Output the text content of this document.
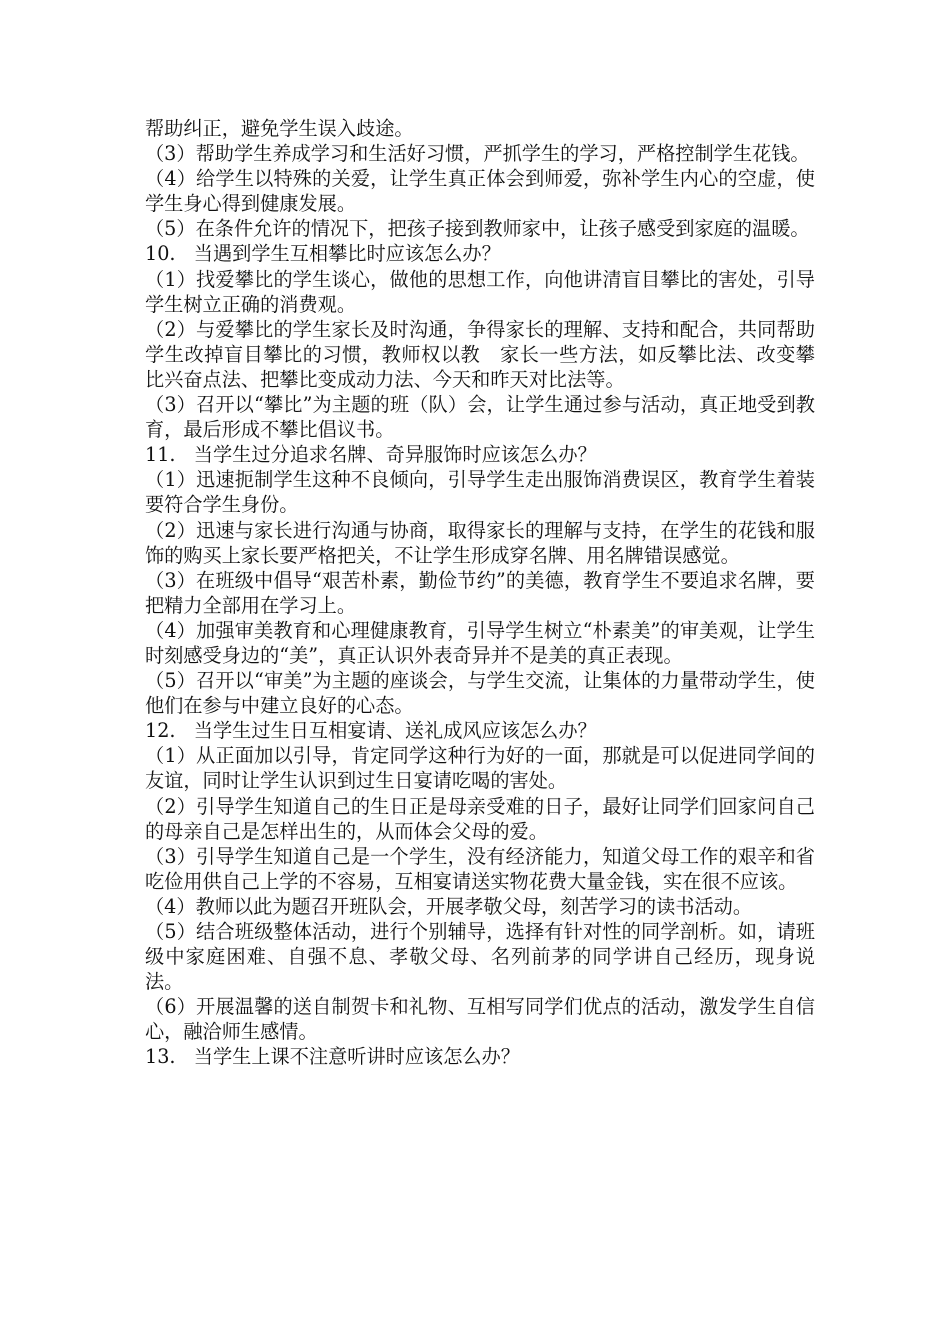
帮助纠正，避免学生误入歧途。

（3）帮助学生养成学习和生活好习惯，严抓学生的学习，严格控制学生花钱。

（4）给学生以特殊的关爱，让学生真正体会到师爱，弥补学生内心的空虚，使学生身心得到健康发展。

（5）在条件允许的情况下，把孩子接到教师家中，让孩子感受到家庭的温暖。

10.   当遇到学生互相攀比时应该怎么办？

（1）找爱攀比的学生谈心，做他的思想工作，向他讲清盲目攀比的害处，引导学生树立正确的消费观。

（2）与爱攀比的学生家长及时沟通，争得家长的理解、支持和配合，共同帮助学生改掉盲目攀比的习惯，教师权以教　家长一些方法，如反攀比法、改变攀比兴奋点法、把攀比变成动力法、今天和昨天对比法等。

（3）召开以“攀比”为主题的班（队）会，让学生通过参与活动，真正地受到教育，最后形成不攀比倡议书。

11.   当学生过分追求名牌、奇异服饰时应该怎么办？

（1）迅速扼制学生这种不良倾向，引导学生走出服饰消费误区，教育学生着装要符合学生身份。

（2）迅速与家长进行沟通与协商，取得家长的理解与支持，在学生的花钱和服饰的购买上家长要严格把关，不让学生形成穿名牌、用名牌错误感觉。

（3）在班级中倡导“艰苦朴素，勤俭节约”的美德，教育学生不要追求名牌，要把精力全部用在学习上。

（4）加强审美教育和心理健康教育，引导学生树立“朴素美”的审美观，让学生时刻感受身边的“美”，真正认识外表奇异并不是美的真正表现。

（5）召开以“审美”为主题的座谈会，与学生交流，让集体的力量带动学生，使他们在参与中建立良好的心态。

12.   当学生过生日互相宴请、送礼成风应该怎么办？

（1）从正面加以引导，肯定同学这种行为好的一面，那就是可以促进同学间的友谊，同时让学生认识到过生日宴请吃喝的害处。

（2）引导学生知道自己的生日正是母亲受难的日子，最好让同学们回家问自己的母亲自己是怎样出生的，从而体会父母的爱。

（3）引导学生知道自己是一个学生，没有经济能力，知道父母工作的艰辛和省吃俭用供自己上学的不容易，互相宴请送实物花费大量金钱，实在很不应该。

（4）教师以此为题召开班队会，开展孝敬父母，刻苦学习的读书活动。

（5）结合班级整体活动，进行个别辅导，选择有针对性的同学剖析。如，请班级中家庭困难、自强不息、孝敬父母、名列前茅的同学讲自己经历，现身说法。

（6）开展温馨的送自制贺卡和礼物、互相写同学们优点的活动，激发学生自信心，融洽师生感情。

13.   当学生上课不注意听讲时应该怎么办？
